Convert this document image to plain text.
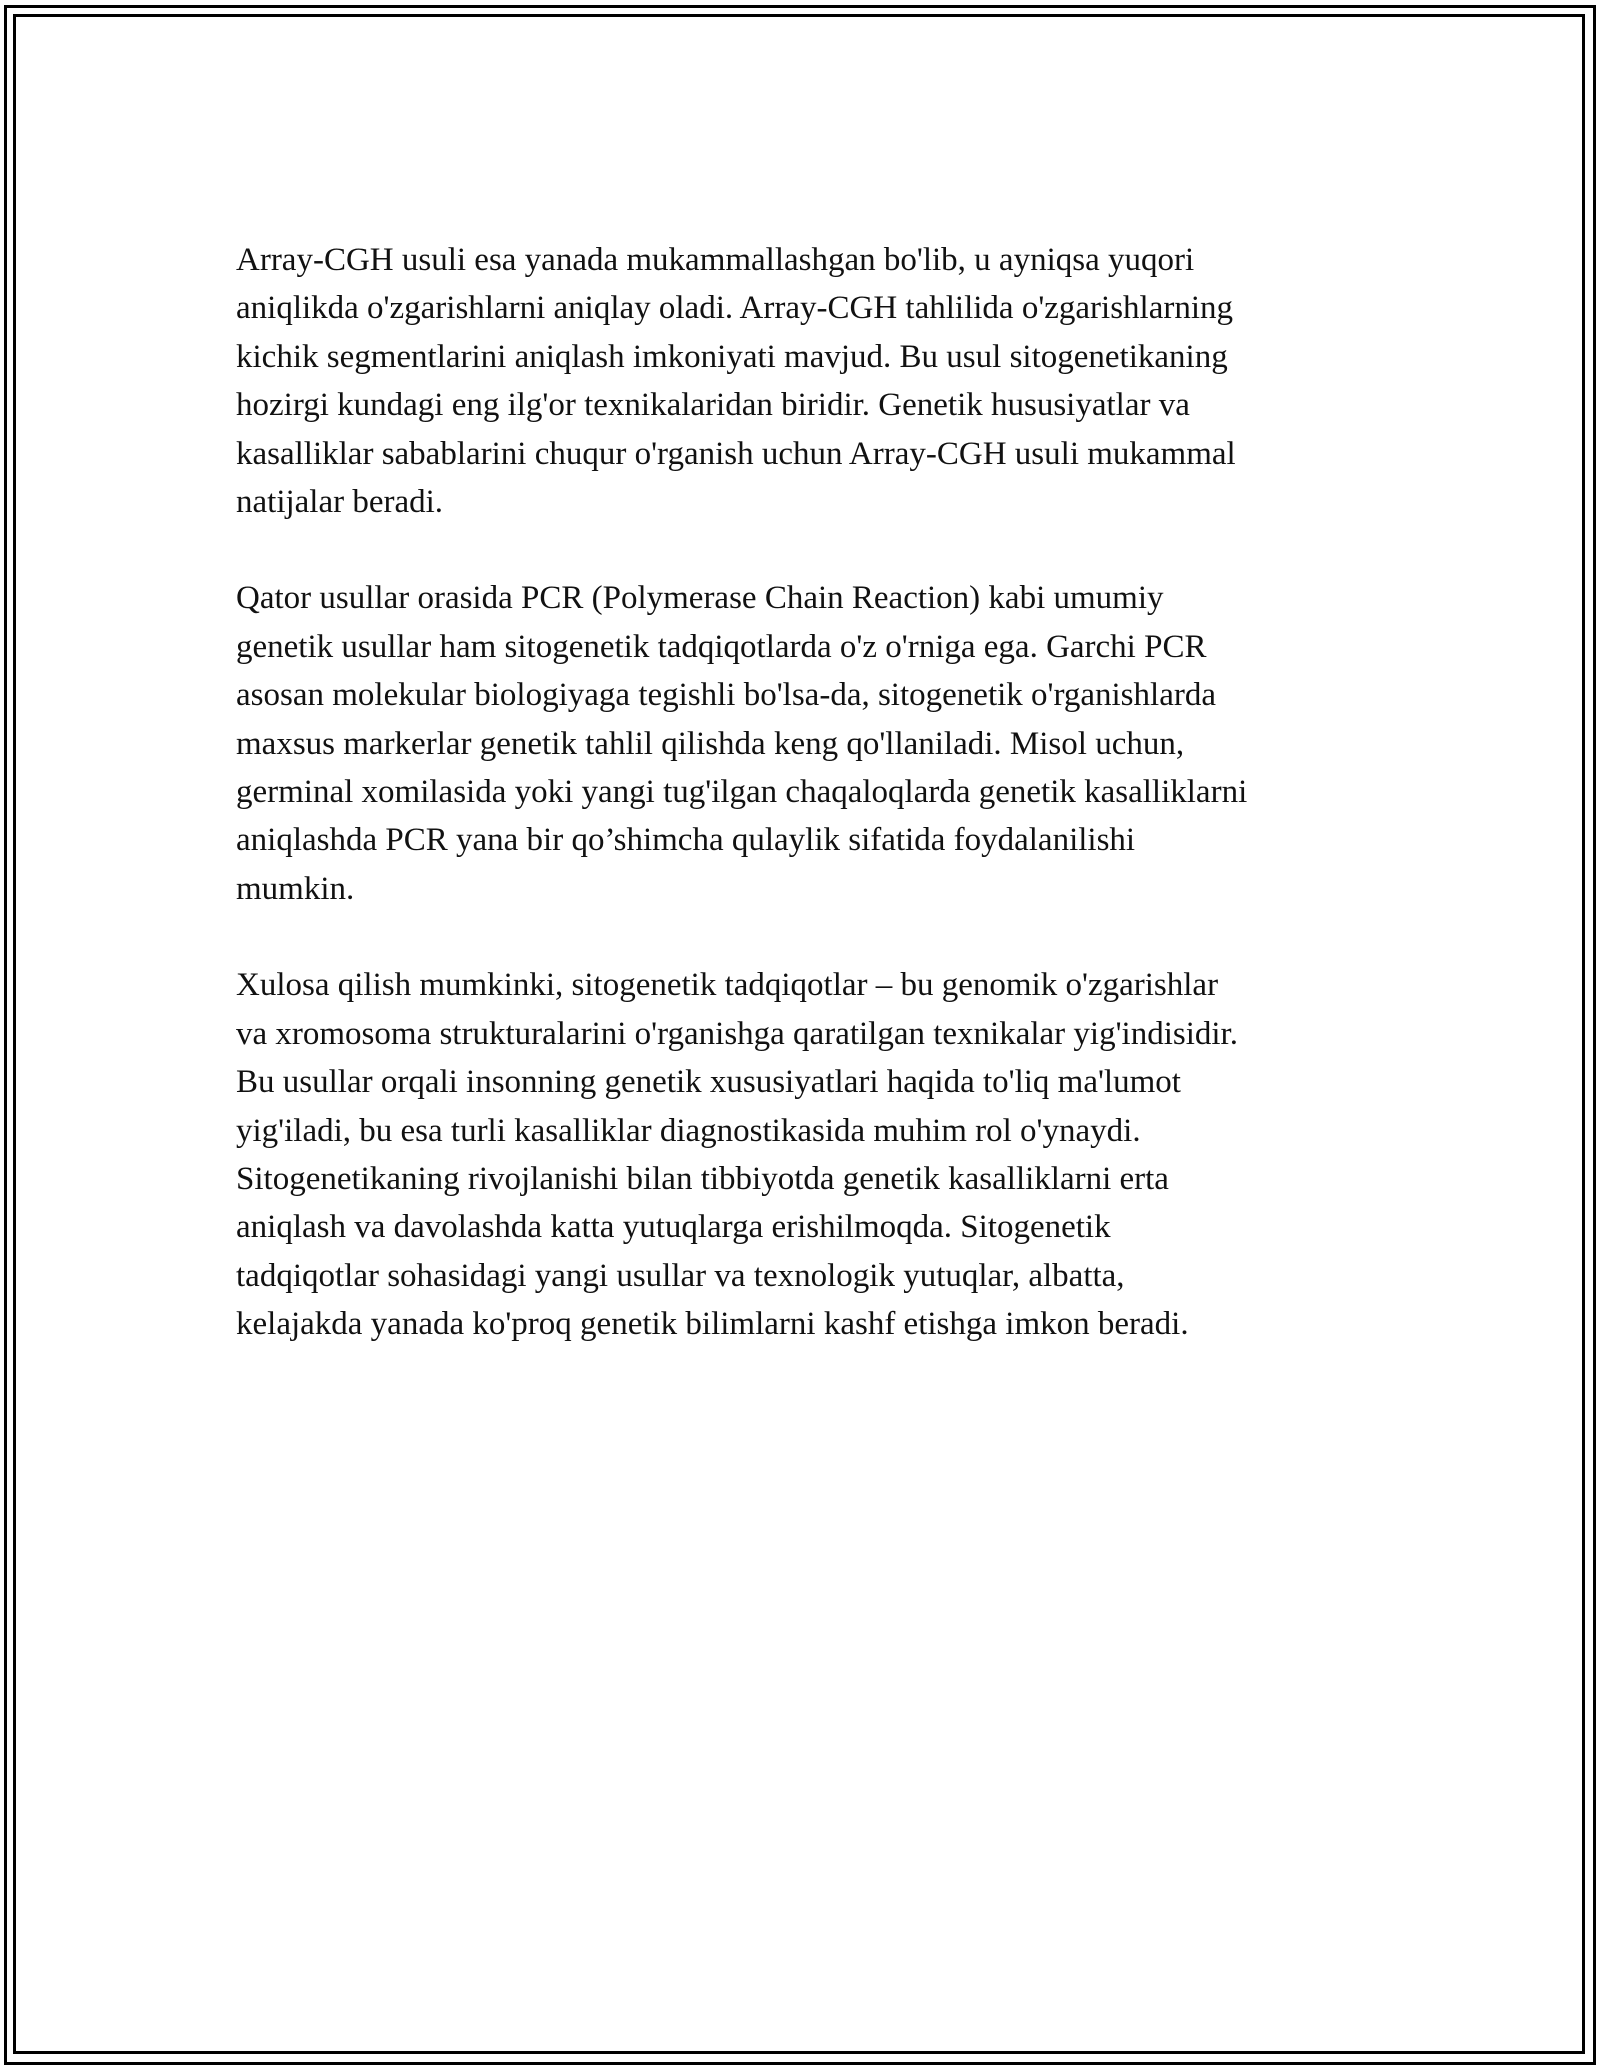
Array-CGH usuli esa yanada mukammallashgan bo'lib, u ayniqsa yuqori
aniqlikda o'zgarishlarni aniqlay oladi. Array-CGH tahlilida o'zgarishlarning
kichik segmentlarini aniqlash imkoniyati mavjud. Bu usul sitogenetikaning
hozirgi kundagi eng ilg'or texnikalaridan biridir. Genetik hususiyatlar va
kasalliklar sabablarini chuqur o'rganish uchun Array-CGH usuli mukammal
natijalar beradi.

Qator usullar orasida PCR (Polymerase Chain Reaction) kabi umumiy
genetik usullar ham sitogenetik tadqiqotlarda o'z o'rniga ega. Garchi PCR
asosan molekular biologiyaga tegishli bo'lsa-da, sitogenetik o'rganishlarda
maxsus markerlar genetik tahlil qilishda keng qo'llaniladi. Misol uchun,
germinal xomilasida yoki yangi tug'ilgan chaqaloqlarda genetik kasalliklarni
aniqlashda PCR yana bir qo’shimcha qulaylik sifatida foydalanilishi
mumkin.

Xulosa qilish mumkinki, sitogenetik tadqiqotlar – bu genomik o'zgarishlar
va xromosoma strukturalarini o'rganishga qaratilgan texnikalar yig'indisidir.
Bu usullar orqali insonning genetik xususiyatlari haqida to'liq ma'lumot
yig'iladi, bu esa turli kasalliklar diagnostikasida muhim rol o'ynaydi.
Sitogenetikaning rivojlanishi bilan tibbiyotda genetik kasalliklarni erta
aniqlash va davolashda katta yutuqlarga erishilmoqda. Sitogenetik
tadqiqotlar sohasidagi yangi usullar va texnologik yutuqlar, albatta,
kelajakda yanada ko'proq genetik bilimlarni kashf etishga imkon beradi.
